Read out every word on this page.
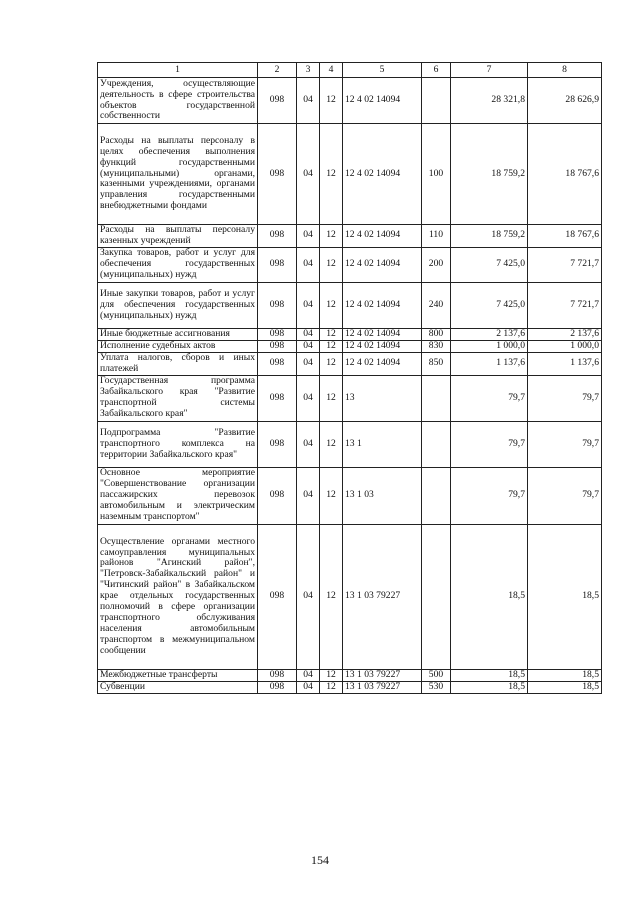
1	2	3	4	5	6	7	8
Учреждения, осуществляющие деятельность в сфере строительства объектов государственной собственности	098	04	12	12 4 02 14094		28 321,8	28 626,9
Расходы на выплаты персоналу в целях обеспечения выполнения функций государственными (муниципальными) органами, казенными учреждениями, органами управления государственными внебюджетными фондами	098	04	12	12 4 02 14094	100	18 759,2	18 767,6
Расходы на выплаты персоналу казенных учреждений	098	04	12	12 4 02 14094	110	18 759,2	18 767,6
Закупка товаров, работ и услуг для обеспечения государственных (муниципальных) нужд	098	04	12	12 4 02 14094	200	7 425,0	7 721,7
Иные закупки товаров, работ и услуг для обеспечения государственных (муниципальных) нужд	098	04	12	12 4 02 14094	240	7 425,0	7 721,7
Иные бюджетные ассигнования	098	04	12	12 4 02 14094	800	2 137,6	2 137,6
Исполнение судебных актов	098	04	12	12 4 02 14094	830	1 000,0	1 000,0
Уплата налогов, сборов и иных платежей	098	04	12	12 4 02 14094	850	1 137,6	1 137,6
Государственная программа Забайкальского края "Развитие транспортной системы Забайкальского края"	098	04	12	13		79,7	79,7
Подпрограмма "Развитие транспортного комплекса на территории Забайкальского края"	098	04	12	13 1		79,7	79,7
Основное мероприятие "Совершенствование организации пассажирских перевозок автомобильным и электрическим наземным транспортом"	098	04	12	13 1 03		79,7	79,7
Осуществление органами местного самоуправления муниципальных районов "Агинский район", "Петровск-Забайкальский район" и "Читинский район" в Забайкальском крае отдельных государственных полномочий в сфере организации транспортного обслуживания населения автомобильным транспортом в межмуниципальном сообщении	098	04	12	13 1 03 79227		18,5	18,5
Межбюджетные трансферты	098	04	12	13 1 03 79227	500	18,5	18,5
Субвенции	098	04	12	13 1 03 79227	530	18,5	18,5
154
